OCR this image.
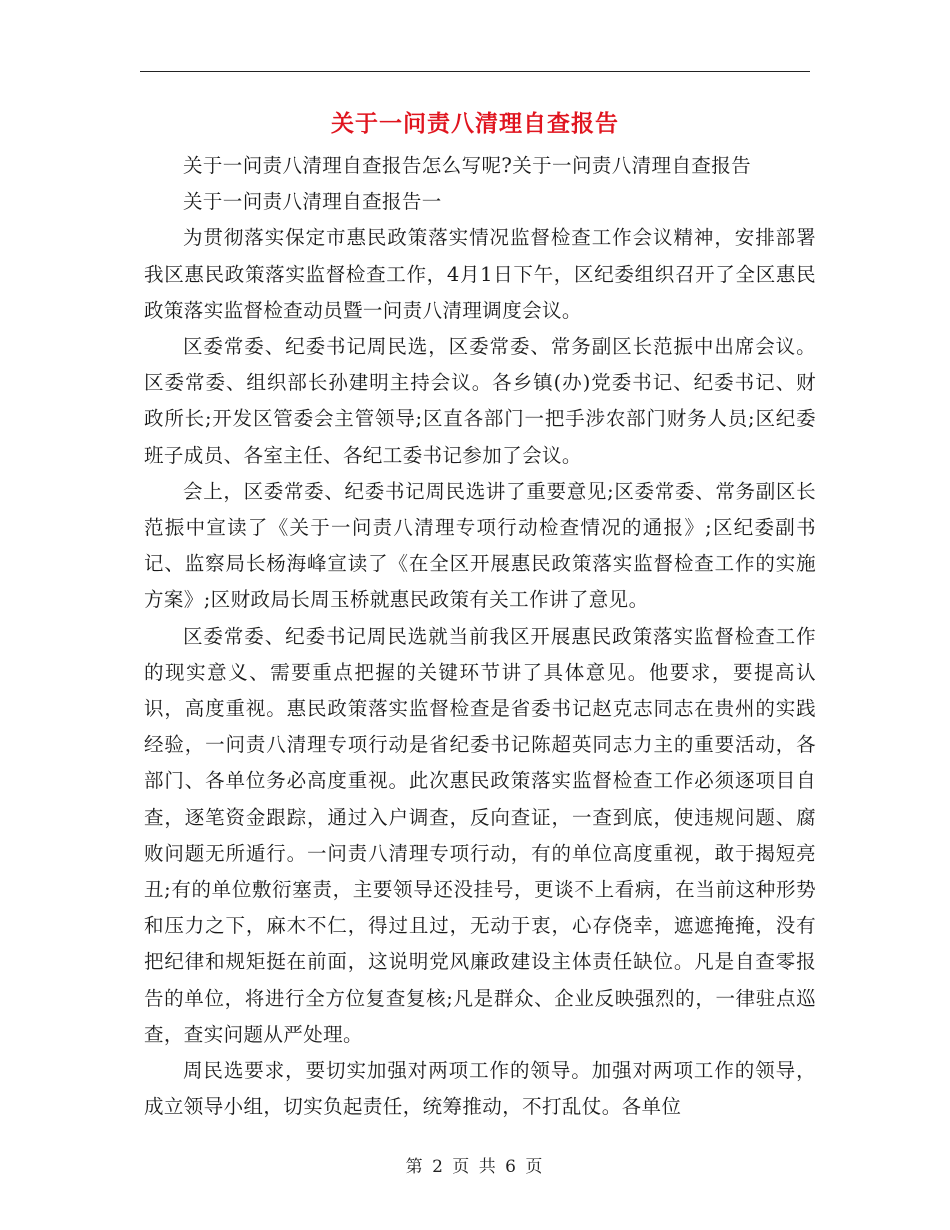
关于一问责八清理自查报告

关于一问责八清理自查报告怎么写呢?关于一问责八清理自查报告

关于一问责八清理自查报告一

为贯彻落实保定市惠民政策落实情况监督检查工作会议精神，安排部署我区惠民政策落实监督检查工作，4月1日下午，区纪委组织召开了全区惠民政策落实监督检查动员暨一问责八清理调度会议。

区委常委、纪委书记周民选，区委常委、常务副区长范振中出席会议。区委常委、组织部长孙建明主持会议。各乡镇(办)党委书记、纪委书记、财政所长;开发区管委会主管领导;区直各部门一把手涉农部门财务人员;区纪委班子成员、各室主任、各纪工委书记参加了会议。

会上，区委常委、纪委书记周民选讲了重要意见;区委常委、常务副区长范振中宣读了《关于一问责八清理专项行动检查情况的通报》;区纪委副书记、监察局长杨海峰宣读了《在全区开展惠民政策落实监督检查工作的实施方案》;区财政局长周玉桥就惠民政策有关工作讲了意见。

区委常委、纪委书记周民选就当前我区开展惠民政策落实监督检查工作的现实意义、需要重点把握的关键环节讲了具体意见。他要求，要提高认识，高度重视。惠民政策落实监督检查是省委书记赵克志同志在贵州的实践经验，一问责八清理专项行动是省纪委书记陈超英同志力主的重要活动，各部门、各单位务必高度重视。此次惠民政策落实监督检查工作必须逐项目自查，逐笔资金跟踪，通过入户调查，反向查证，一查到底，使违规问题、腐败问题无所遁行。一问责八清理专项行动，有的单位高度重视，敢于揭短亮丑;有的单位敷衍塞责，主要领导还没挂号，更谈不上看病，在当前这种形势和压力之下，麻木不仁，得过且过，无动于衷，心存侥幸，遮遮掩掩，没有把纪律和规矩挺在前面，这说明党风廉政建设主体责任缺位。凡是自查零报告的单位，将进行全方位复查复核;凡是群众、企业反映强烈的，一律驻点巡查，查实问题从严处理。

周民选要求，要切实加强对两项工作的领导。加强对两项工作的领导，成立领导小组，切实负起责任，统筹推动，不打乱仗。各单位

第 2 页 共 6 页
